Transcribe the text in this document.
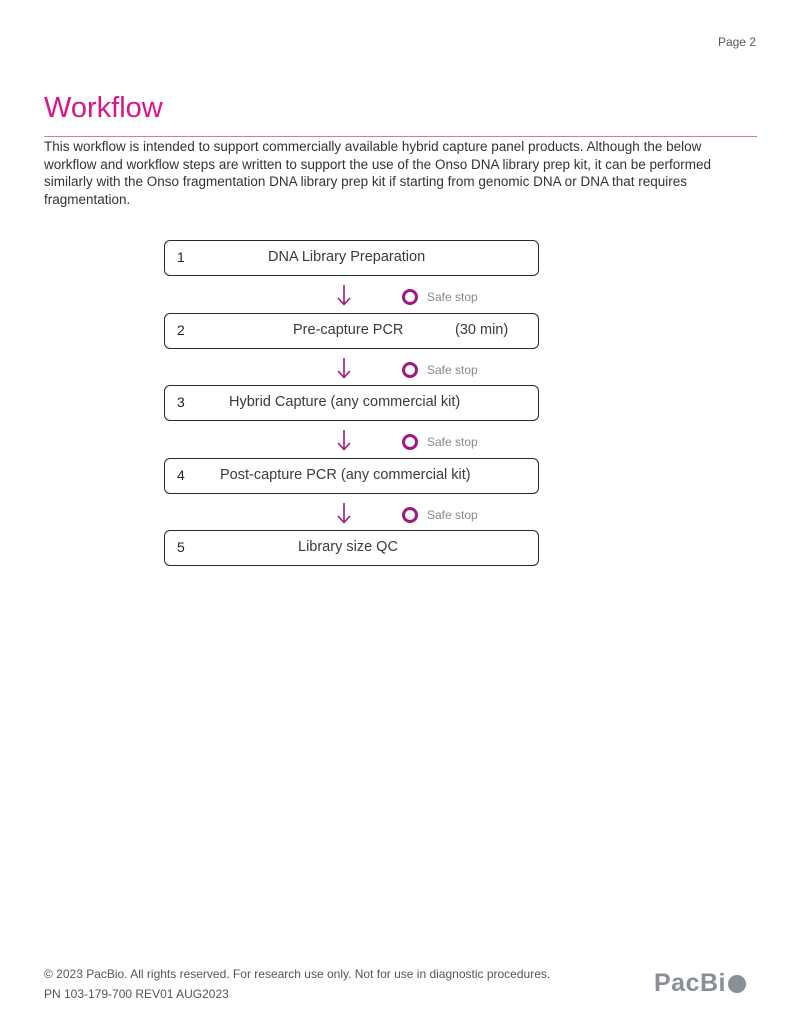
Page 2
Workflow

This workflow is intended to support commercially available hybrid capture panel products. Although the below workflow and workflow steps are written to support the use of the Onso DNA library prep kit, it can be performed similarly with the Onso fragmentation DNA library prep kit if starting from genomic DNA or DNA that requires fragmentation.

1	DNA Library Preparation
Safe stop
2	Pre-capture PCR	(30 min)
Safe stop
3	Hybrid Capture (any commercial kit)
Safe stop
4 Post-capture PCR (any commercial kit)
Safe stop
5	Library size QC
© 2023 PacBio. All rights reserved. For research use only. Not for use in diagnostic procedures.
PN 103-179-700 REV01 AUG2023	PacBi
